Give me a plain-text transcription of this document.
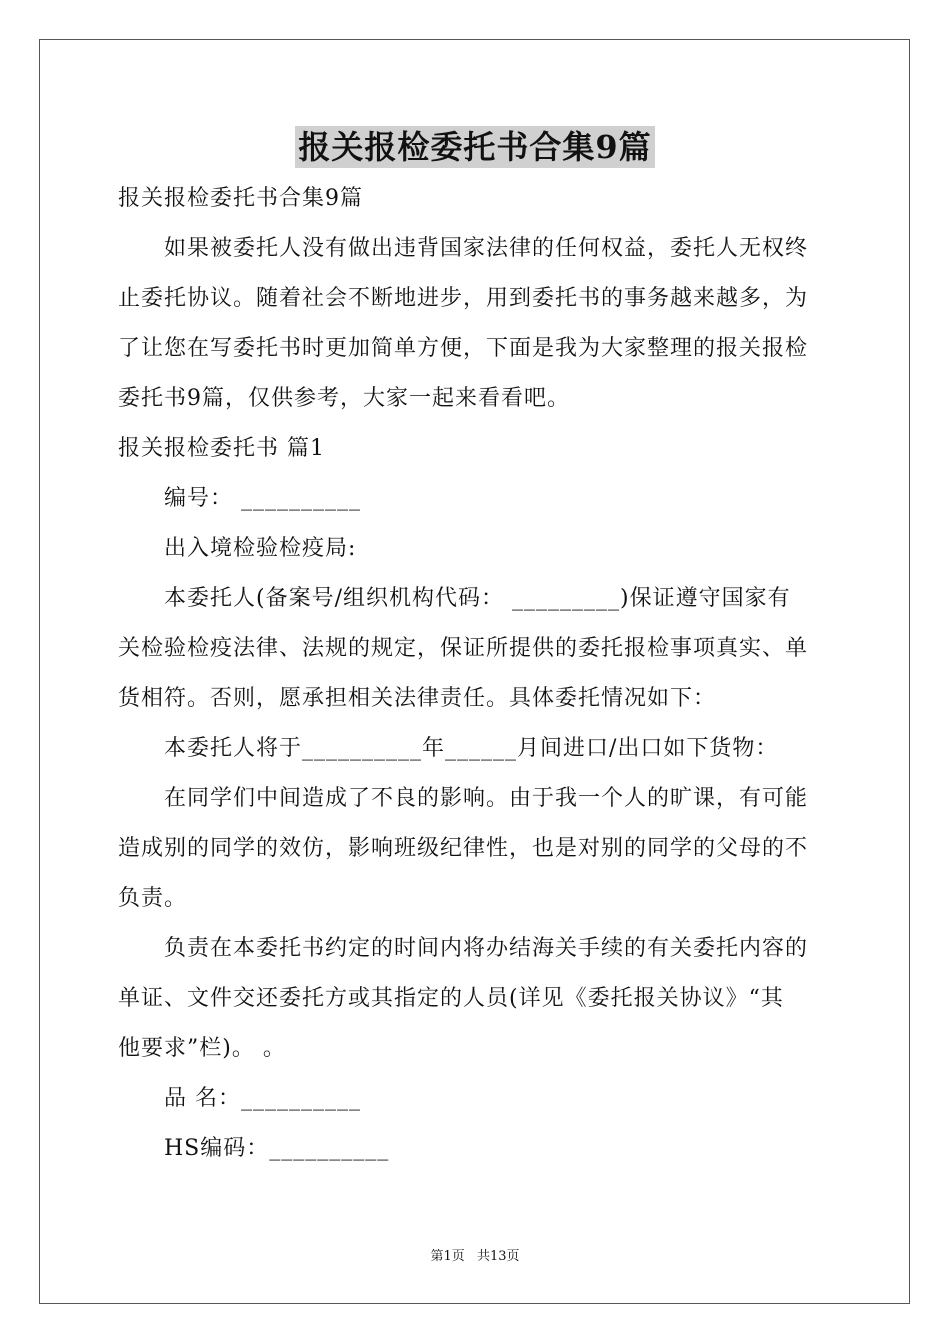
报关报检委托书合集9篇
报关报检委托书合集9篇
如果被委托人没有做出违背国家法律的任何权益，委托人无权终
止委托协议。随着社会不断地进步，用到委托书的事务越来越多，为
了让您在写委托书时更加简单方便，下面是我为大家整理的报关报检
委托书9篇，仅供参考，大家一起来看看吧。
报关报检委托书 篇1
编号： __________
出入境检验检疫局:
本委托人(备案号/组织机构代码： _________)保证遵守国家有
关检验检疫法律、法规的规定，保证所提供的委托报检事项真实、单
货相符。否则，愿承担相关法律责任。具体委托情况如下：
本委托人将于__________年______月间进口/出口如下货物：
在同学们中间造成了不良的影响。由于我一个人的旷课，有可能
造成别的同学的效仿，影响班级纪律性，也是对别的同学的父母的不
负责。
负责在本委托书约定的时间内将办结海关手续的有关委托内容的
单证、文件交还委托方或其指定的人员(详见《委托报关协议》“其
他要求”栏)。 。
品 名：__________
HS编码：__________
第1页 共13页
